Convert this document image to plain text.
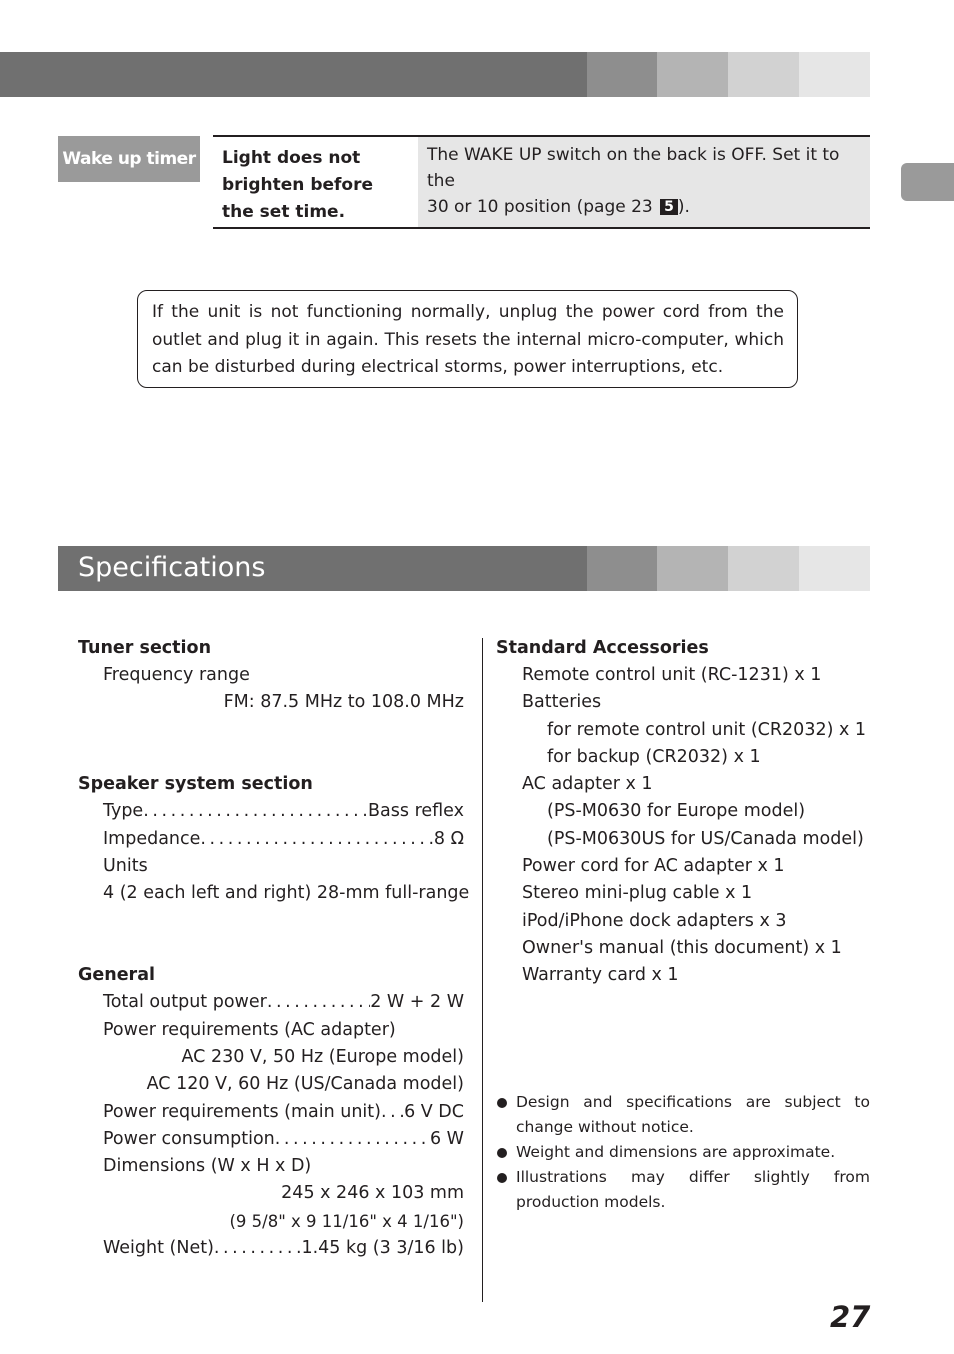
Wake up timer Light does not
brighten before
the set time.
The WAKE UP switch on the back is OFF. Set it to the
30 or 10 position (page 23 5 ).
If the unit is not functioning normally, unplug the power cord from the outlet and plug it in again. This resets the internal micro-computer, which can be disturbed during electrical storms, power interruptions, etc.
Specifications
Tuner section
Frequency range
FM: 87.5 MHz to 108.0 MHz
Speaker system section
Type . . .	Bass reflex
Impedance . . .	8 Ω
Units
4 (2 each left and right) 28-mm full-range
General
Total output power . . .	2 W + 2 W
Power requirements (AC adapter)
AC 230 V, 50 Hz (Europe model)
AC 120 V, 60 Hz (US/Canada model)
Power requirements (main unit) . . . 6 V DC
Power consumption . . .	6 W
Dimensions (W x H x D)
245 x 246 x 103 mm
(9 5/8" x 9 11/16" x 4 1/16")
Weight (Net) . . .	1.45 kg (3 3/16 lb)
Standard Accessories
Remote control unit (RC-1231) x 1
Batteries
for remote control unit (CR2032) x 1
for backup (CR2032) x 1
AC adapter x 1
(PS-M0630 for Europe model)
(PS-M0630US for US/Canada model)
Power cord for AC adapter x 1
Stereo mini-plug cable x 1
iPod/iPhone dock adapters x 3
Owner's manual (this document) x 1
Warranty card x 1
Design and specifications are subject to change without notice.
Weight and dimensions are approximate.
Illustrations may differ slightly from production models.
27
